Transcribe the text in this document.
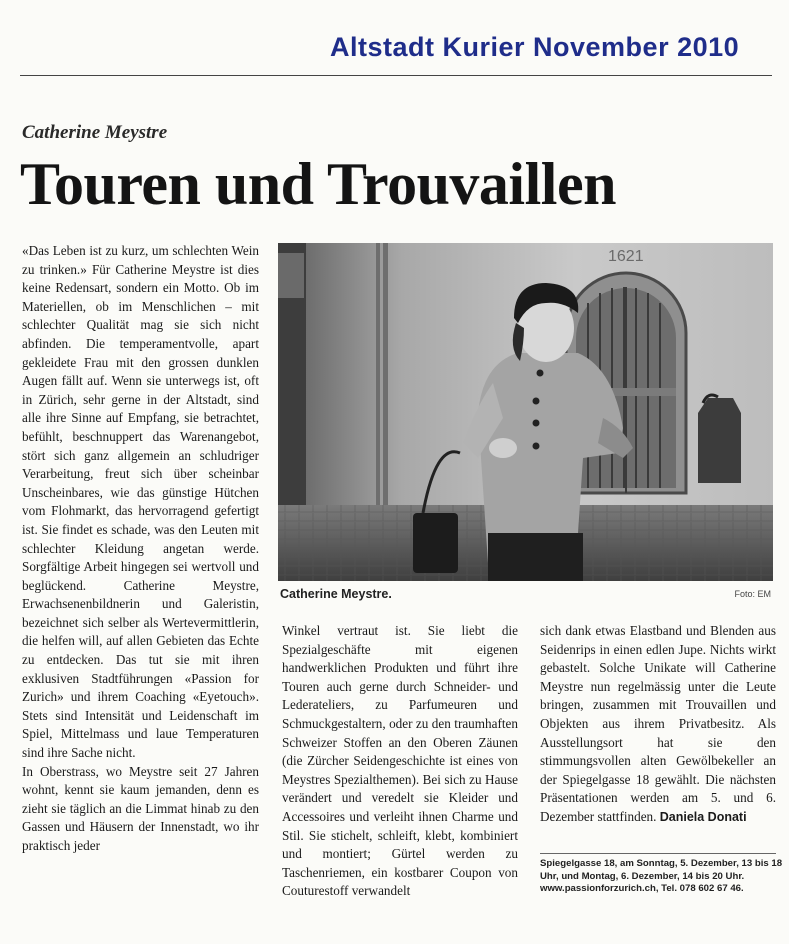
Altstadt Kurier November 2010
Catherine Meystre
Touren und Trouvaillen

«Das Leben ist zu kurz, um schlechten Wein zu trinken.» Für Catherine Meystre ist dies keine Redensart, sondern ein Motto. Ob im Materiellen, ob im Menschlichen – mit schlechter Qualität mag sie sich nicht abfinden. Die temperamentvolle, apart gekleidete Frau mit den grossen dunklen Augen fällt auf. Wenn sie unterwegs ist, oft in Zürich, sehr gerne in der Altstadt, sind alle ihre Sinne auf Empfang, sie betrachtet, befühlt, beschnuppert das Warenangebot, stört sich ganz allgemein an schludriger Verarbeitung, freut sich über scheinbar Unscheinbares, wie das günstige Hütchen vom Flohmarkt, das hervorragend gefertigt ist. Sie findet es schade, was den Leuten mit schlechter Kleidung angetan werde. Sorgfältige Arbeit hingegen sei wertvoll und beglückend. Catherine Meystre, Erwachsenenbildnerin und Galeristin, bezeichnet sich selber als Wertevermittlerin, die helfen will, auf allen Gebieten das Echte zu entdecken. Das tut sie mit ihren exklusiven Stadtführungen «Passion for Zurich» und ihrem Coaching «Eyetouch». Stets sind Intensität und Leidenschaft im Spiel, Mittelmass und laue Temperaturen sind ihre Sache nicht.

In Oberstrass, wo Meystre seit 27 Jahren wohnt, kennt sie kaum jemanden, denn es zieht sie täglich an die Limmat hinab zu den Gassen und Häusern der Innenstadt, wo ihr praktisch jeder

1621
Catherine Meystre.	Foto: EM

Winkel vertraut ist. Sie liebt die Spezialgeschäfte mit eigenen handwerklichen Produkten und führt ihre Touren auch gerne durch Schneider- und Lederateliers, zu Parfumeuren und Schmuckgestaltern, oder zu den traumhaften Schweizer Stoffen an den Oberen Zäunen (die Zürcher Seidengeschichte ist eines von Meystres Spezialthemen). Bei sich zu Hause verändert und veredelt sie Kleider und Accessoires und verleiht ihnen Charme und Stil. Sie stichelt, schleift, klebt, kombiniert und montiert; Gürtel werden zu Taschenriemen, ein kostbarer Coupon von Couturestoff verwandelt

sich dank etwas Elastband und Blenden aus Seidenrips in einen edlen Jupe. Nichts wirkt gebastelt. Solche Unikate will Catherine Meystre nun regelmässig unter die Leute bringen, zusammen mit Trouvaillen und Objekten aus ihrem Privatbesitz. Als Ausstellungsort hat sie den stimmungsvollen alten Gewölbekeller an der Spiegelgasse 18 gewählt. Die nächsten Präsentationen werden am 5. und 6. Dezember stattfinden. Daniela Donati

Spiegelgasse 18, am Sonntag, 5. Dezember, 13 bis 18
Uhr, und Montag, 6. Dezember, 14 bis 20 Uhr.
www.passionforzurich.ch, Tel. 078 602 67 46.
